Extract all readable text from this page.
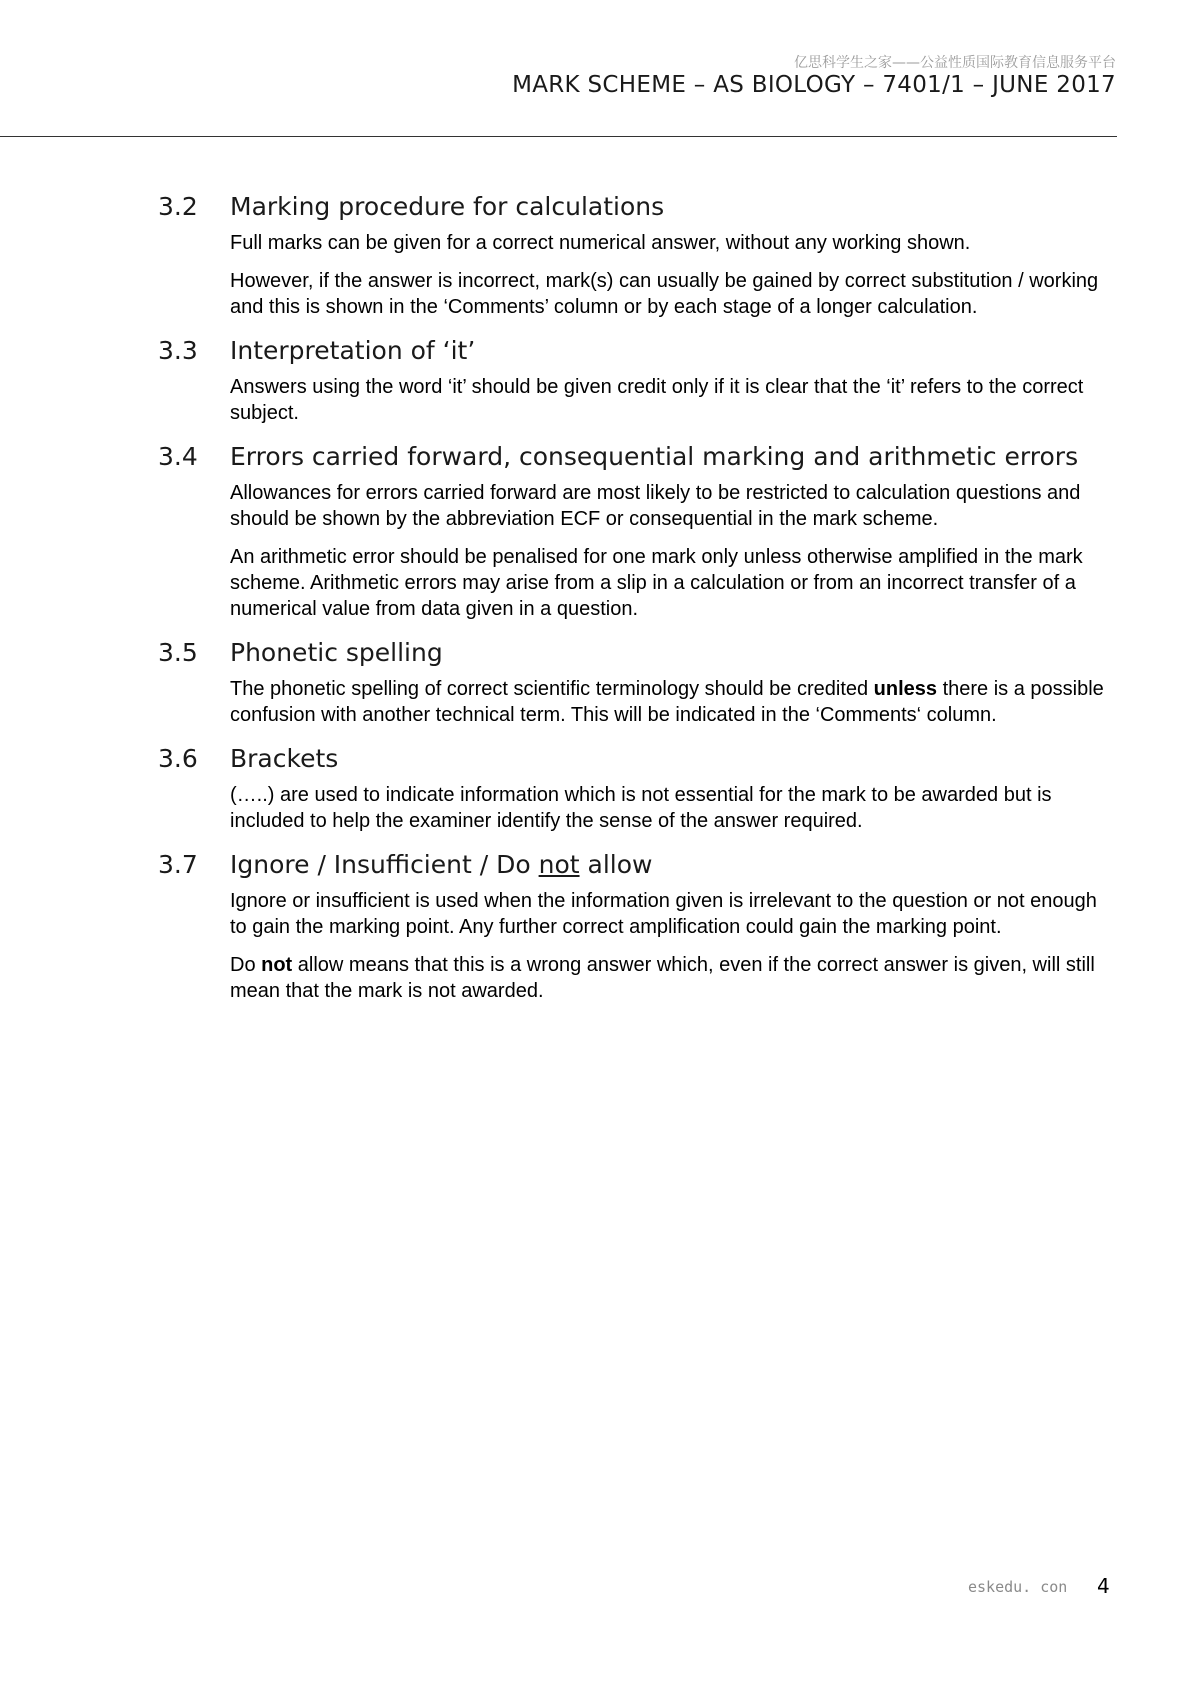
亿思科学生之家——公益性质国际教育信息服务平台
MARK SCHEME – AS BIOLOGY – 7401/1 – JUNE 2017
3.2	Marking procedure for calculations
Full marks can be given for a correct numerical answer, without any working shown.
However, if the answer is incorrect, mark(s) can usually be gained by correct substitution / working and this is shown in the ‘Comments’ column or by each stage of a longer calculation.
3.3	Interpretation of ‘it’
Answers using the word ‘it’ should be given credit only if it is clear that the ‘it’ refers to the correct subject.
3.4	Errors carried forward, consequential marking and arithmetic errors
Allowances for errors carried forward are most likely to be restricted to calculation questions and should be shown by the abbreviation ECF or consequential in the mark scheme.
An arithmetic error should be penalised for one mark only unless otherwise amplified in the mark scheme. Arithmetic errors may arise from a slip in a calculation or from an incorrect transfer of a numerical value from data given in a question.
3.5	Phonetic spelling
The phonetic spelling of correct scientific terminology should be credited unless there is a possible confusion with another technical term. This will be indicated in the ‘Comments‘ column.
3.6	Brackets
(…..) are used to indicate information which is not essential for the mark to be awarded but is included to help the examiner identify the sense of the answer required.
3.7	Ignore / Insufficient / Do not allow
Ignore or insufficient is used when the information given is irrelevant to the question or not enough to gain the marking point. Any further correct amplification could gain the marking point.
Do not allow means that this is a wrong answer which, even if the correct answer is given, will still mean that the mark is not awarded.
eskedu. con 4
